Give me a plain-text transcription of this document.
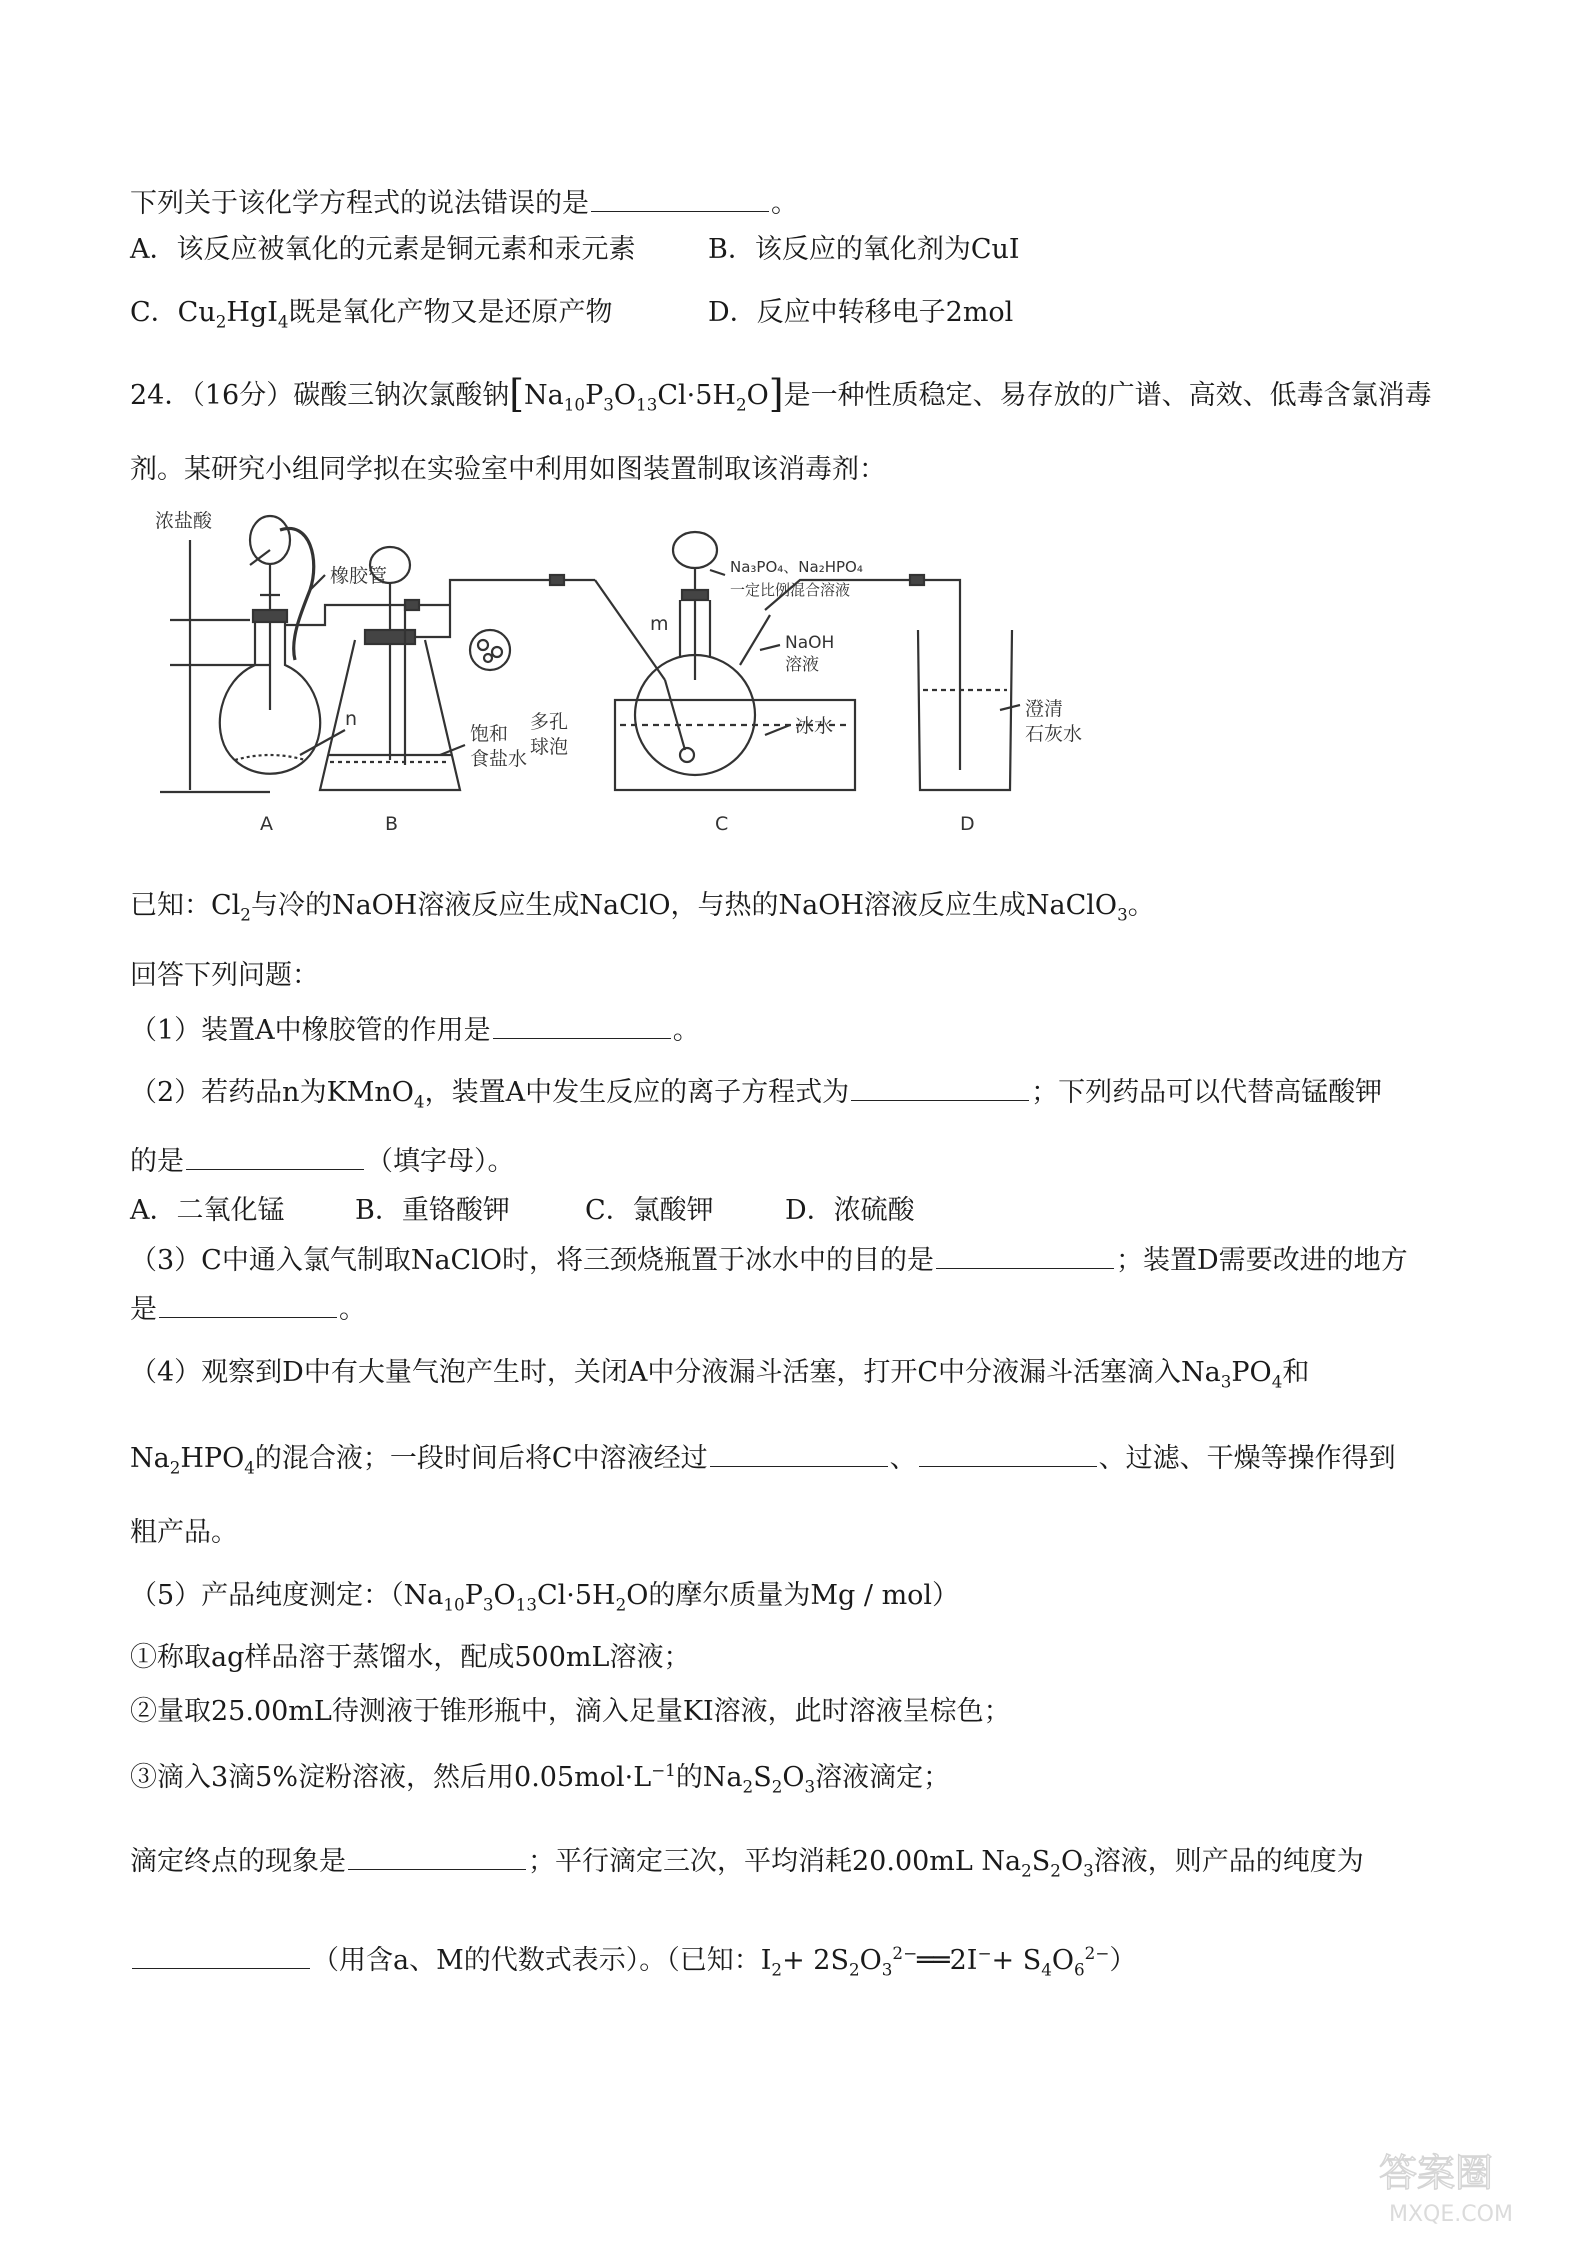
下列关于该化学方程式的说法错误的是	。
A．该反应被氧化的元素是铜元素和汞元素	B．该反应的氧化剂为CuI
C．$Cu_2HgI_4$既是氧化产物又是还原产物	D．反应中转移电子2mol
24．（16分）碳酸三钠次氯酸钠$[Na_{10}P_3O_{13}Cl\cdot 5H_2O]$是一种性质稳定、易存放的广谱、高效、低毒含氯消毒
剂。某研究小组同学拟在实验室中利用如图装置制取该消毒剂：
浓盐酸
橡胶管
n
m
Na₃PO₄、Na₂HPO₄
一定比例混合溶液
NaOH
溶液
饱和
食盐水
多孔
球泡
冰水
澄清
石灰水
A	B	C	D
已知：$Cl_2$与冷的NaOH溶液反应生成NaClO，与热的NaOH溶液反应生成NaClO$_3$。
回答下列问题：
（1）装置A中橡胶管的作用是	。
（2）若药品n为KMnO$_4$，装置A中发生反应的离子方程式为	；下列药品可以代替高锰酸钾
的是	（填字母）。
A．二氧化锰	B．重铬酸钾	C．氯酸钾	D．浓硫酸
（3）C中通入氯气制取NaClO时，将三颈烧瓶置于冰水中的目的是	；装置D需要改进的地方
是	。
（4）观察到D中有大量气泡产生时，关闭A中分液漏斗活塞，打开C中分液漏斗活塞滴入$Na_3PO_4$和
$Na_2HPO_4$的混合液；一段时间后将C中溶液经过	、	、过滤、干燥等操作得到
粗产品。
（5）产品纯度测定：（$Na_{10}P_3O_{13}Cl\cdot 5H_2O$的摩尔质量为Mg / mol）
①称取ag样品溶于蒸馏水，配成500mL溶液；
②量取25.00mL待测液于锥形瓶中，滴入足量KI溶液，此时溶液呈棕色；
③滴入3滴5%淀粉溶液，然后用$0.05mol\cdot L^{-1}$的$Na_2S_2O_3$溶液滴定；
滴定终点的现象是	；平行滴定三次，平均消耗20.00mL $Na_2S_2O_3$溶液，则产品的纯度为
（用含a、M的代数式表示）。（已知：$I_2+$ $2S_2O_3^{2-}══2I^-+ S_4O_6^{2-}$）
答案圈
MXQE.COM
